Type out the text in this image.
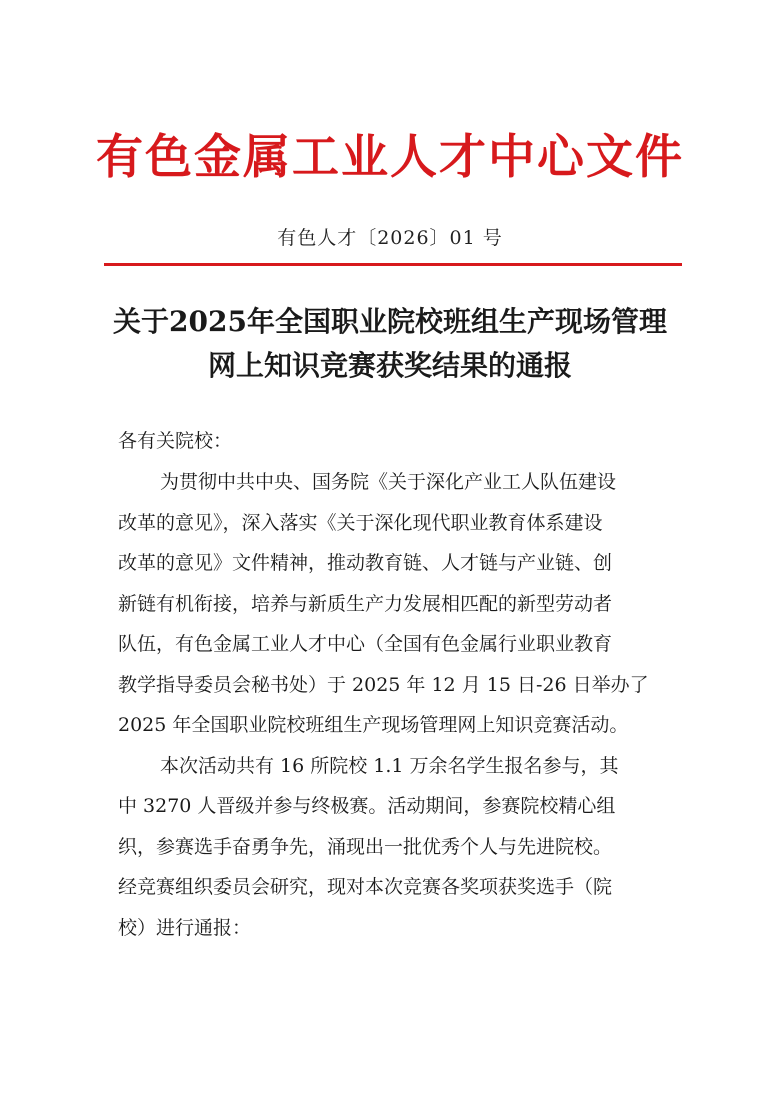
有色金属工业人才中心文件
有色人才〔2026〕01 号
关于2025年全国职业院校班组生产现场管理
网上知识竞赛获奖结果的通报
各有关院校：
为贯彻中共中央、国务院《关于深化产业工人队伍建设
改革的意见》，深入落实《关于深化现代职业教育体系建设
改革的意见》文件精神，推动教育链、人才链与产业链、创
新链有机衔接，培养与新质生产力发展相匹配的新型劳动者
队伍，有色金属工业人才中心（全国有色金属行业职业教育
教学指导委员会秘书处）于 2025 年 12 月 15 日-26 日举办了
2025 年全国职业院校班组生产现场管理网上知识竞赛活动。
本次活动共有 16 所院校 1.1 万余名学生报名参与，其
中 3270 人晋级并参与终极赛。活动期间，参赛院校精心组
织，参赛选手奋勇争先，涌现出一批优秀个人与先进院校。
经竞赛组织委员会研究，现对本次竞赛各奖项获奖选手（院
校）进行通报：
